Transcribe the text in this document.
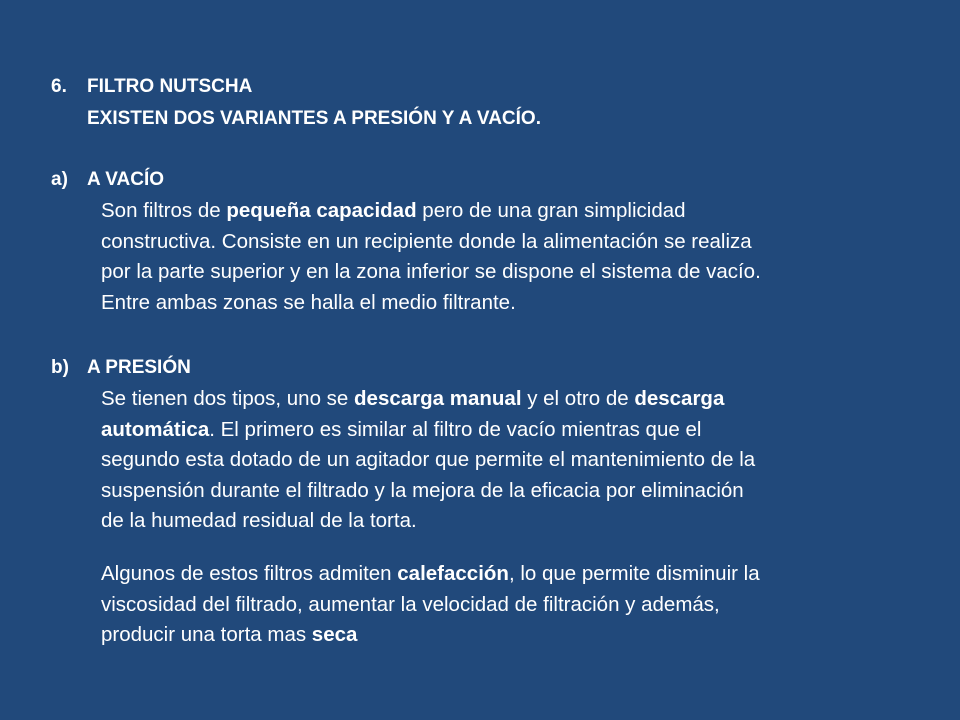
6. FILTRO NUTSCHA
EXISTEN DOS VARIANTES A PRESIÓN Y A VACÍO.
a) A VACÍO
Son filtros de pequeña capacidad pero de una gran simplicidad
constructiva. Consiste en un recipiente donde la alimentación se realiza
por la parte superior y en la zona inferior se dispone el sistema de vacío.
Entre ambas zonas se halla el medio filtrante.
b) A PRESIÓN
Se tienen dos tipos, uno se descarga manual y el otro de descarga
automática. El primero es similar al filtro de vacío mientras que el
segundo esta dotado de un agitador que permite el mantenimiento de la
suspensión durante el filtrado y la mejora de la eficacia por eliminación
de la humedad residual de la torta.
Algunos de estos filtros admiten calefacción, lo que permite disminuir la
viscosidad del filtrado, aumentar la velocidad de filtración y además,
producir una torta mas seca
